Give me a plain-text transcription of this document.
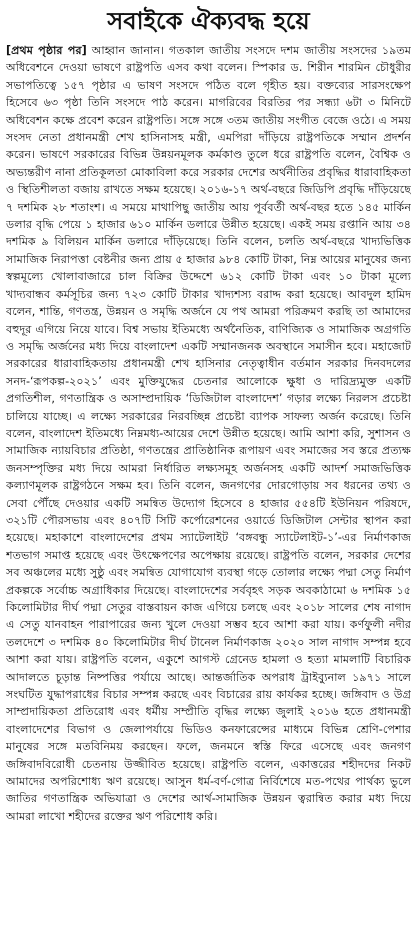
সবাইকে ঐক্যবদ্ধ হয়ে
[প্রথম পৃষ্ঠার পর] আহ্বান জানান। গতকাল জাতীয় সংসদে দশম জাতীয় সংসদের ১৯তম অধিবেশনে দেওয়া ভাষণে রাষ্ট্রপতি এসব কথা বলেন। স্পিকার ড. শিরীন শারমিন চৌধুরীর সভাপতিত্বে ১৫৭ পৃষ্ঠার এ ভাষণ সংসদে পঠিত বলে গৃহীত হয়। বক্তব্যের সারসংক্ষেপ হিসেবে ৬৩ পৃষ্ঠা তিনি সংসদে পাঠ করেন। মাগরিবের বিরতির পর সন্ধ্যা ৬টা ৩ মিনিটে অধিবেশন কক্ষে প্রবেশ করেন রাষ্ট্রপতি। সঙ্গে সঙ্গে ৩তম জাতীয় সংগীত বেজে ওঠে। এ সময় সংসদ নেতা প্রধানমন্ত্রী শেখ হাসিনাসহ মন্ত্রী, এমপিরা দাঁড়িয়ে রাষ্ট্রপতিকে সম্মান প্রদর্শন করেন। ভাষণে সরকারের বিভিন্ন উন্নয়নমূলক কর্মকাণ্ড তুলে ধরে রাষ্ট্রপতি বলেন, বৈশ্বিক ও অভ্যন্তরীণ নানা প্রতিকূলতা মোকাবিলা করে সরকার দেশের অর্থনীতির প্রবৃদ্ধির ধারাবাহিকতা ও স্থিতিশীলতা বজায় রাখতে সক্ষম হয়েছে। ২০১৬-১৭ অর্থ-বছরে জিডিপি প্রবৃদ্ধি দাঁড়িয়েছে ৭ দশমিক ২৮ শতাংশ। এ সময়ে মাথাপিছু জাতীয় আয় পূর্ববর্তী অর্থ-বছর হতে ১৪৫ মার্কিন ডলার বৃদ্ধি পেয়ে ১ হাজার ৬১০ মার্কিন ডলারে উন্নীত হয়েছে। একই সময় রপ্তানি আয় ৩৪ দশমিক ৯ বিলিয়ন মার্কিন ডলারে দাঁড়িয়েছে। তিনি বলেন, চলতি অর্থ-বছরে খাদ্যভিত্তিক সামাজিক নিরাপত্তা বেষ্টনীর জন্য প্রায় ৫ হাজার ৯৮৪ কোটি টাকা, নিম্ন আয়ের মানুষের জন্য স্বল্পমূল্যে খোলাবাজারে চাল বিক্রির উদ্দেশে ৬১২ কোটি টাকা এবং ১০ টাকা মূল্যে খাদ্যবান্ধব কর্মসূচির জন্য ৭২৩ কোটি টাকার খাদ্যশস্য বরাদ্দ করা হয়েছে। আবদুল হামিদ বলেন, শান্তি, গণতন্ত্র, উন্নয়ন ও সমৃদ্ধি অর্জনে যে পথ আমরা পরিক্রমণ করছি তা আমাদের বহুদূর এগিয়ে নিয়ে যাবে। বিশ্ব সভায় ইতিমধ্যে অর্থনৈতিক, বাণিজ্যিক ও সামাজিক অগ্রগতি ও সমৃদ্ধি অর্জনের মধ্য দিয়ে বাংলাদেশ একটি সম্মানজনক অবস্থানে সমাসীন হবে। মহাজোট সরকারের ধারাবাহিকতায় প্রধানমন্ত্রী শেখ হাসিনার নেতৃত্বাধীন বর্তমান সরকার দিনবদলের সনদ-‘রূপকল্প-২০২১’ এবং মুক্তিযুদ্ধের চেতনার আলোকে ক্ষুধা ও দারিদ্র্যমুক্ত একটি প্রগতিশীল, গণতান্ত্রিক ও অসাম্প্রদায়িক ‘ডিজিটাল বাংলাদেশ’ গড়ার লক্ষ্যে নিরলস প্রচেষ্টা চালিয়ে যাচ্ছে। এ লক্ষ্যে সরকারের নিরবচ্ছিন্ন প্রচেষ্টা ব্যাপক সাফল্য অর্জন করেছে। তিনি বলেন, বাংলাদেশ ইতিমধ্যে নিম্নমধ্য-আয়ের দেশে উন্নীত হয়েছে। আমি আশা করি, সুশাসন ও সামাজিক ন্যায়বিচার প্রতিষ্ঠা, গণতন্ত্রের প্রাতিষ্ঠানিক রূপায়ণ এবং সমাজের সব স্তরে প্রত্যক্ষ জনসম্পৃক্তির মধ্য দিয়ে আমরা নির্ধারিত লক্ষ্যসমূহ অর্জনসহ একটি আদর্শ সমাজভিত্তিক কল্যাণমূলক রাষ্ট্রগঠনে সক্ষম হব। তিনি বলেন, জনগণের দোরগোড়ায় সব ধরনের তথ্য ও সেবা পৌঁছে দেওয়ার একটি সমন্বিত উদ্যোগ হিসেবে ৪ হাজার ৫৫৪টি ইউনিয়ন পরিষদে, ৩২১টি পৌরসভায় এবং ৪০৭টি সিটি কর্পোরেশনের ওয়ার্ডে ডিজিটাল সেন্টার স্থাপন করা হয়েছে। মহাকাশে বাংলাদেশের প্রথম স্যাটেলাইট ‘বঙ্গবন্ধু স্যাটেলাইট-১’-এর নির্মাণকাজ শতভাগ সমাপ্ত হয়েছে এবং উৎক্ষেপণের অপেক্ষায় রয়েছে। রাষ্ট্রপতি বলেন, সরকার দেশের সব অঞ্চলের মধ্যে সুষ্ঠু এবং সমন্বিত যোগাযোগ ব্যবস্থা গড়ে তোলার লক্ষ্যে পদ্মা সেতু নির্মাণ প্রকল্পকে সর্বোচ্চ অগ্রাধিকার দিয়েছে। বাংলাদেশের সর্ববৃহৎ সড়ক অবকাঠামো ৬ দশমিক ১৫ কিলোমিটার দীর্ঘ পদ্মা সেতুর বাস্তবায়ন কাজ এগিয়ে চলছে এবং ২০১৮ সালের শেষ নাগাদ এ সেতু যানবাহন পারাপারের জন্য খুলে দেওয়া সম্ভব হবে আশা করা যায়। কর্ণফুলী নদীর তলদেশে ৩ দশমিক ৪০ কিলোমিটার দীর্ঘ টানেল নির্মাণকাজ ২০২০ সাল নাগাদ সম্পন্ন হবে আশা করা যায়। রাষ্ট্রপতি বলেন, একুশে আগস্ট গ্রেনেড হামলা ও হত্যা মামলাটি বিচারিক আদালতে চূড়ান্ত নিষ্পত্তির পর্যায়ে আছে। আন্তর্জাতিক অপরাধ ট্রাইব্যুনাল ১৯৭১ সালে সংঘটিত যুদ্ধাপরাধের বিচার সম্পন্ন করছে এবং বিচারের রায় কার্যকর হচ্ছে। জঙ্গিবাদ ও উগ্র সাম্প্রদায়িকতা প্রতিরোধ এবং ধর্মীয় সম্প্রীতি বৃদ্ধির লক্ষ্যে জুলাই ২০১৬ হতে প্রধানমন্ত্রী বাংলাদেশের বিভাগ ও জেলাপর্যায়ে ভিডিও কনফারেন্সের মাধ্যমে বিভিন্ন শ্রেণি-পেশার মানুষের সঙ্গে মতবিনিময় করছেন। ফলে, জনমনে স্বস্তি ফিরে এসেছে এবং জনগণ জঙ্গিবাদবিরোধী চেতনায় উজ্জীবিত হয়েছে। রাষ্ট্রপতি বলেন, একাত্তরের শহীদদের নিকট আমাদের অপরিশোধ্য ঋণ রয়েছে। আসুন ধর্ম-বর্ণ-গোত্র নির্বিশেষে মত-পথের পার্থক্য ভুলে জাতির গণতান্ত্রিক অভিযাত্রা ও দেশের আর্থ-সামাজিক উন্নয়ন ত্বরান্বিত করার মধ্য দিয়ে আমরা লাখো শহীদের রক্তের ঋণ পরিশোধ করি।
